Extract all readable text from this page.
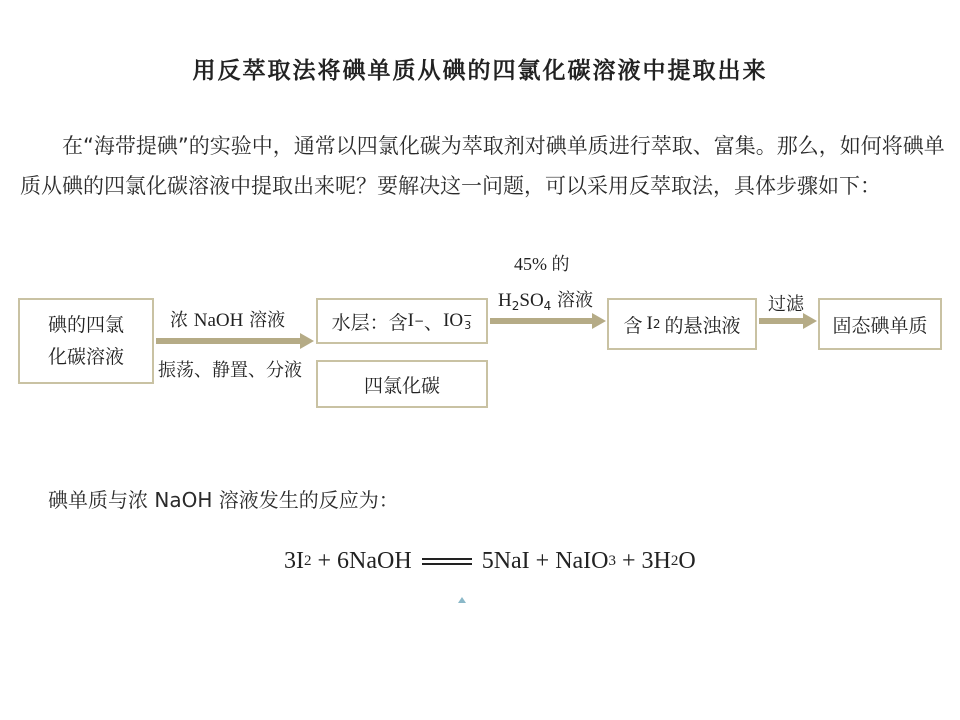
用反萃取法将碘单质从碘的四氯化碳溶液中提取出来
在“海带提碘”的实验中，通常以四氯化碳为萃取剂对碘单质进行萃取、富集。那么，如何将碘单质从碘的四氯化碳溶液中提取出来呢？要解决这一问题，可以采用反萃取法，具体步骤如下：
碘的四氯
化碳溶液
浓 NaOH 溶液
振荡、静置、分液
水层：含 I − 、 IO −
3
四氯化碳
45% 的
$H_2SO_4$ 溶液
含 I 2 的悬浊液
过滤
固态碘单质
碘单质与浓 NaOH 溶液发生的反应为：
3I 2 + 6NaOH	5NaI + NaIO 3 + 3H 2 O
